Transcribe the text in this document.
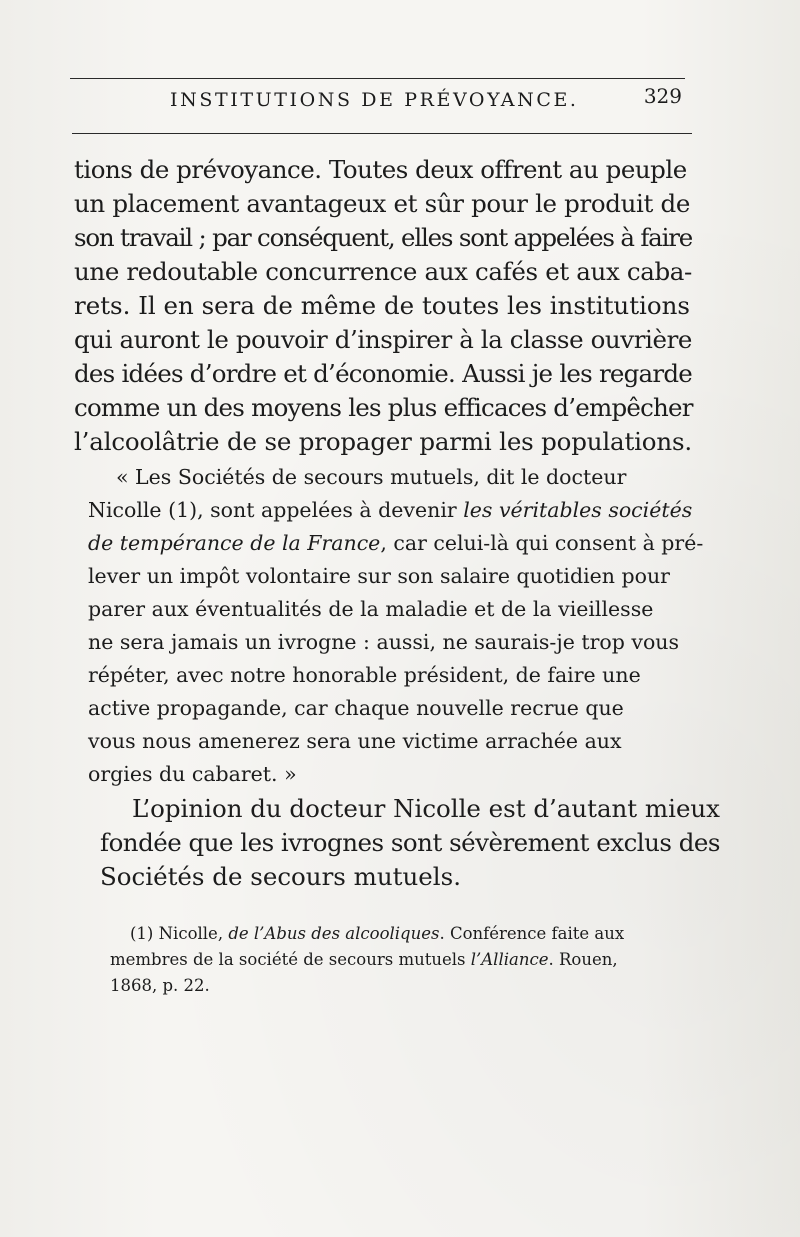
INSTITUTIONS DE PRÉVOYANCE.	329
tions de prévoyance. Toutes deux offrent au peuple
un placement avantageux et sûr pour le produit de
son travail ; par conséquent, elles sont appelées à faire
une redoutable concurrence aux cafés et aux caba-
rets. Il en sera de même de toutes les institutions
qui auront le pouvoir d’inspirer à la classe ouvrière
des idées d’ordre et d’économie. Aussi je les regarde
comme un des moyens les plus efficaces d’empêcher
l’alcoolâtrie de se propager parmi les populations.
« Les Sociétés de secours mutuels, dit le docteur
Nicolle (1), sont appelées à devenir les véritables sociétés
de tempérance de la France, car celui-là qui consent à pré-
lever un impôt volontaire sur son salaire quotidien pour
parer aux éventualités de la maladie et de la vieillesse
ne sera jamais un ivrogne : aussi, ne saurais-je trop vous
répéter, avec notre honorable président, de faire une
active propagande, car chaque nouvelle recrue que
vous nous amenerez sera une victime arrachée aux
orgies du cabaret. »
L’opinion du docteur Nicolle est d’autant mieux
fondée que les ivrognes sont sévèrement exclus des
Sociétés de secours mutuels.
(1) Nicolle, de l’Abus des alcooliques. Conférence faite aux
membres de la société de secours mutuels l’Alliance. Rouen,
1868, p. 22.
